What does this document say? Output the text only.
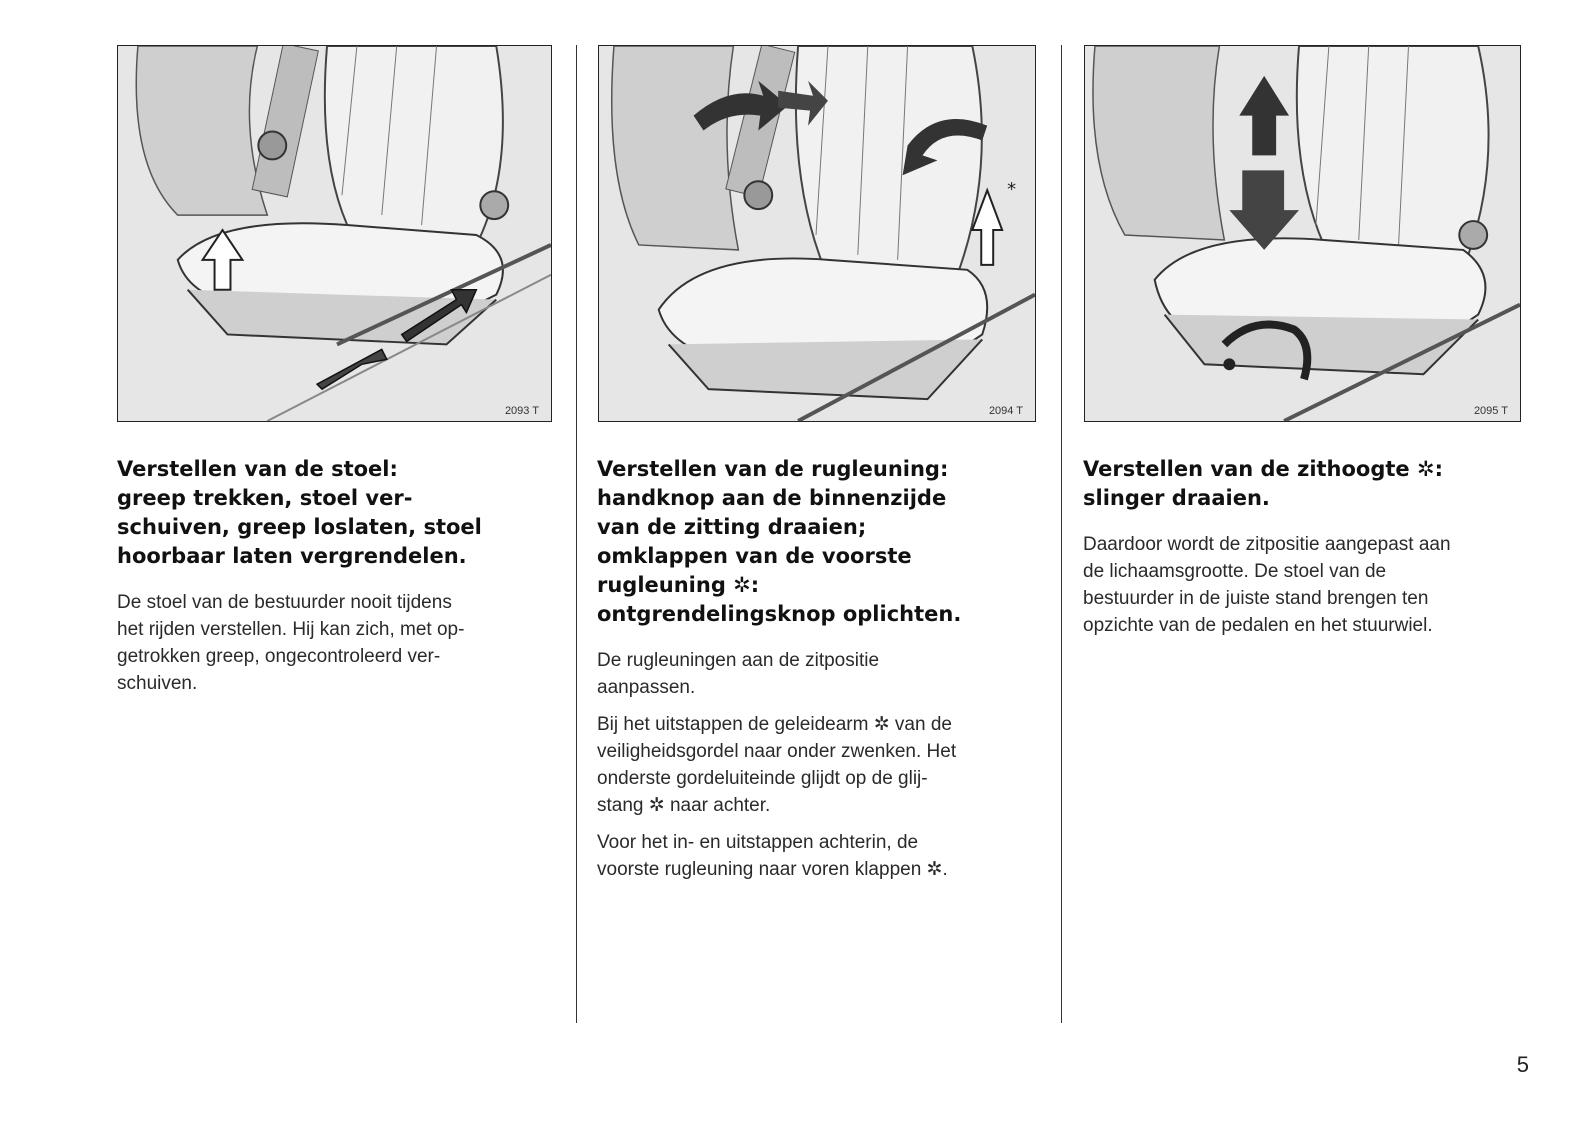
2093 T
*
2094 T	2095 T
Verstellen van de stoel:
greep trekken, stoel ver-
schuiven, greep loslaten, stoel
hoorbaar laten vergrendelen.

De stoel van de bestuurder nooit tijdens
het rijden verstellen. Hij kan zich, met op-
getrokken greep, ongecontroleerd ver-
schuiven.

Verstellen van de rugleuning:
handknop aan de binnenzijde
van de zitting draaien;
omklappen van de voorste
rugleuning ✲:
ontgrendelingsknop oplichten.

De rugleuningen aan de zitpositie
aanpassen.

Bij het uitstappen de geleidearm ✲ van de
veiligheidsgordel naar onder zwenken. Het
onderste gordeluiteinde glijdt op de glij-
stang ✲ naar achter.

Voor het in- en uitstappen achterin, de
voorste rugleuning naar voren klappen ✲.

Verstellen van de zithoogte ✲:
slinger draaien.

Daardoor wordt de zitpositie aangepast aan
de lichaamsgrootte. De stoel van de
bestuurder in de juiste stand brengen ten
opzichte van de pedalen en het stuurwiel.

5
